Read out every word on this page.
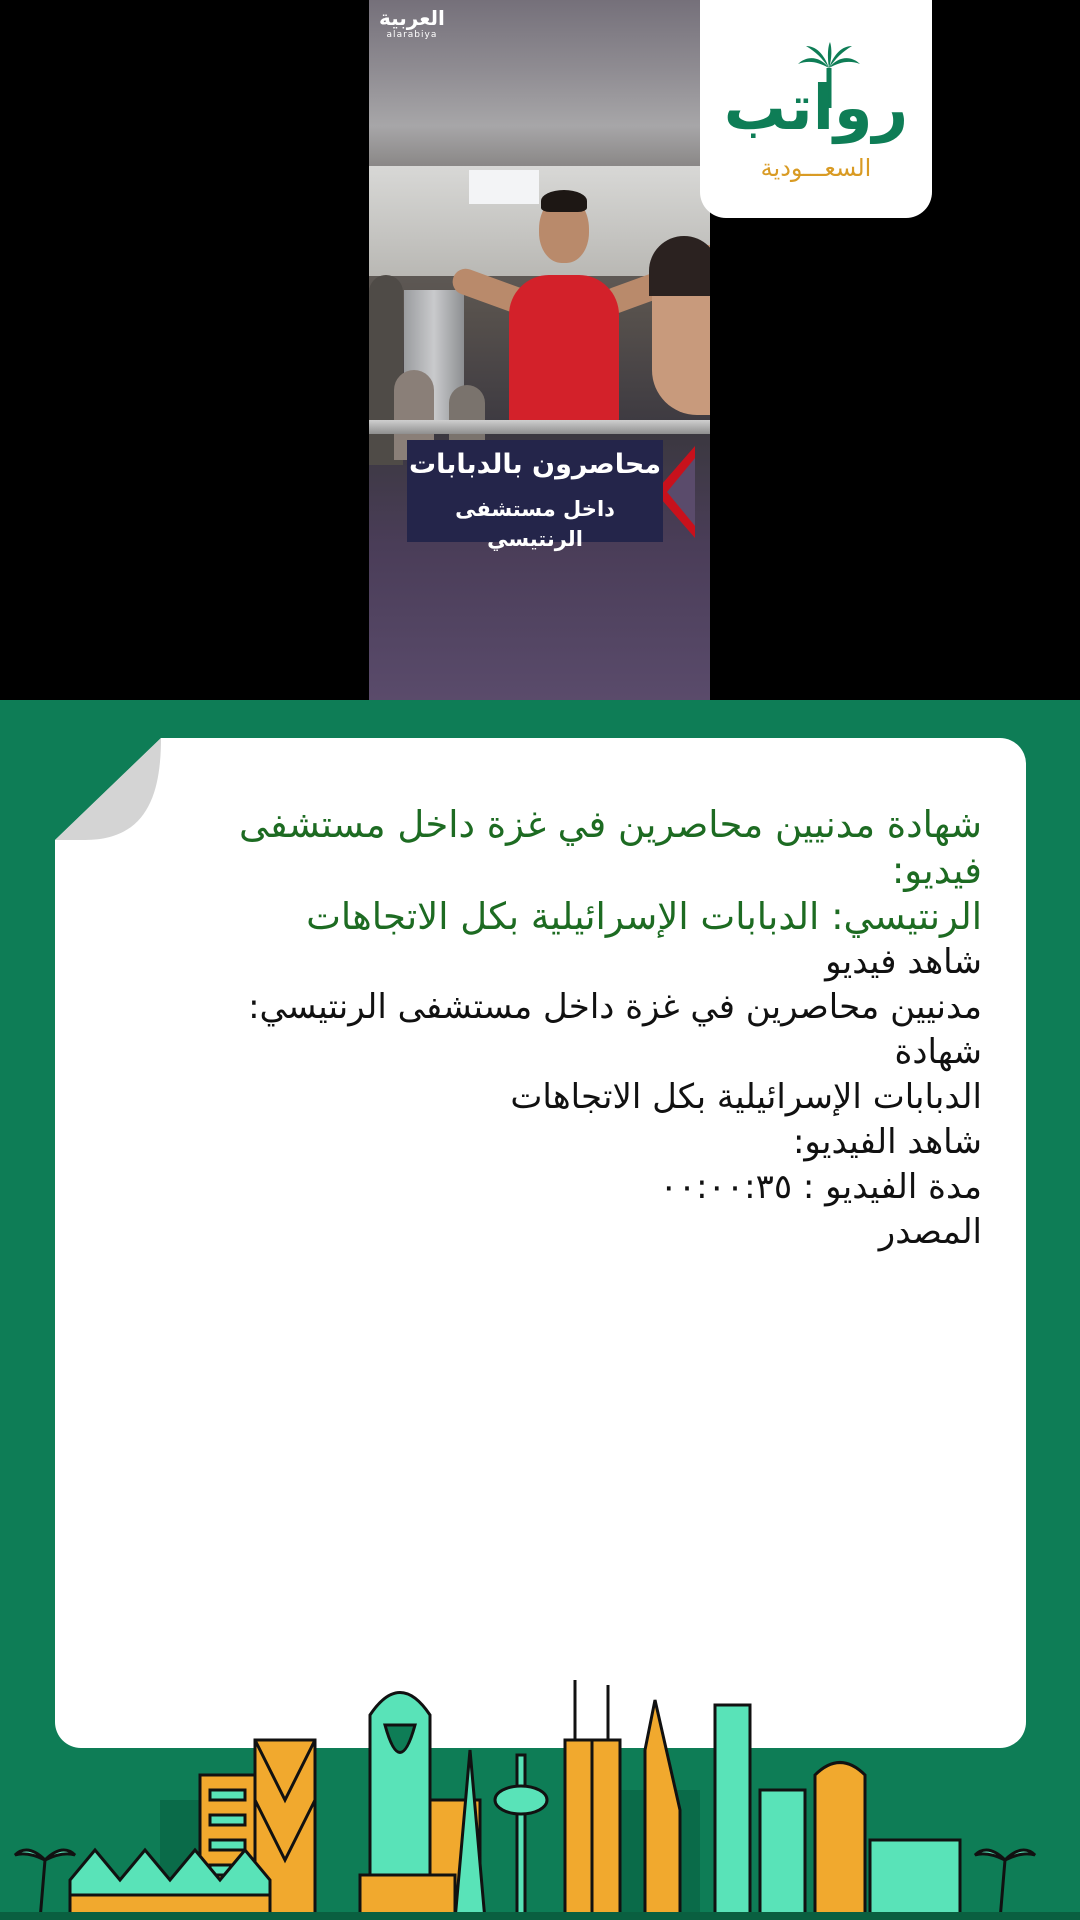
محاصرون بالدبابات
داخل مستشفى الرنتيسي
العربية
alarabiya
رواتب
السعـــودية
شهادة مدنيين محاصرين في غزة داخل مستشفى
فيديو:
الرنتيسي: الدبابات الإسرائيلية بكل الاتجاهات

شاهد فيديو

مدنيين محاصرين في غزة داخل مستشفى الرنتيسي:

شهادة

الدبابات الإسرائيلية بكل الاتجاهات

شاهد الفيديو:

مدة الفيديو : ٠٠:٠٠:٣٥

المصدر
